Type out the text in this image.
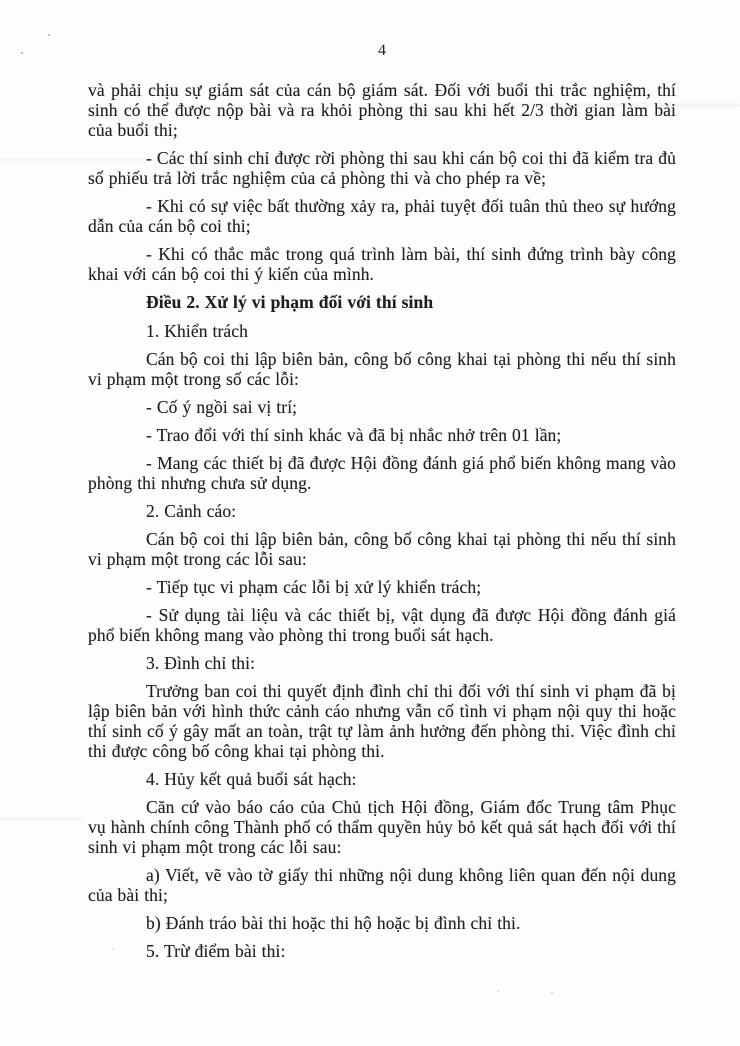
4

và phải chịu sự giám sát của cán bộ giám sát. Đối với buổi thi trắc nghiệm, thí sinh có thể được nộp bài và ra khỏi phòng thi sau khi hết 2/3 thời gian làm bài của buổi thi;

- Các thí sinh chỉ được rời phòng thi sau khi cán bộ coi thi đã kiểm tra đủ số phiếu trả lời trắc nghiệm của cả phòng thi và cho phép ra về;

- Khi có sự việc bất thường xảy ra, phải tuyệt đối tuân thủ theo sự hướng dẫn của cán bộ coi thi;

- Khi có thắc mắc trong quá trình làm bài, thí sinh đứng trình bày công khai với cán bộ coi thi ý kiến của mình.

Điều 2. Xử lý vi phạm đối với thí sinh

1. Khiển trách

Cán bộ coi thi lập biên bản, công bố công khai tại phòng thi nếu thí sinh vi phạm một trong số các lỗi:

- Cố ý ngồi sai vị trí;

- Trao đổi với thí sinh khác và đã bị nhắc nhở trên 01 lần;

- Mang các thiết bị đã được Hội đồng đánh giá phổ biến không mang vào phòng thi nhưng chưa sử dụng.

2. Cảnh cáo:

Cán bộ coi thi lập biên bản, công bố công khai tại phòng thi nếu thí sinh vi phạm một trong các lỗi sau:

- Tiếp tục vi phạm các lỗi bị xử lý khiển trách;

- Sử dụng tài liệu và các thiết bị, vật dụng đã được Hội đồng đánh giá phổ biến không mang vào phòng thi trong buổi sát hạch.

3. Đình chỉ thi:

Trưởng ban coi thi quyết định đình chỉ thi đối với thí sinh vi phạm đã bị lập biên bản với hình thức cảnh cáo nhưng vẫn cố tình vi phạm nội quy thi hoặc thí sinh cố ý gây mất an toàn, trật tự làm ảnh hưởng đến phòng thi. Việc đình chỉ thi được công bố công khai tại phòng thi.

4. Hủy kết quả buổi sát hạch:

Căn cứ vào báo cáo của Chủ tịch Hội đồng, Giám đốc Trung tâm Phục vụ hành chính công Thành phố có thẩm quyền hủy bỏ kết quả sát hạch đối với thí sinh vi phạm một trong các lỗi sau:

a) Viết, vẽ vào tờ giấy thi những nội dung không liên quan đến nội dung của bài thi;

b) Đánh tráo bài thi hoặc thi hộ hoặc bị đình chỉ thi.

5. Trừ điểm bài thi:
